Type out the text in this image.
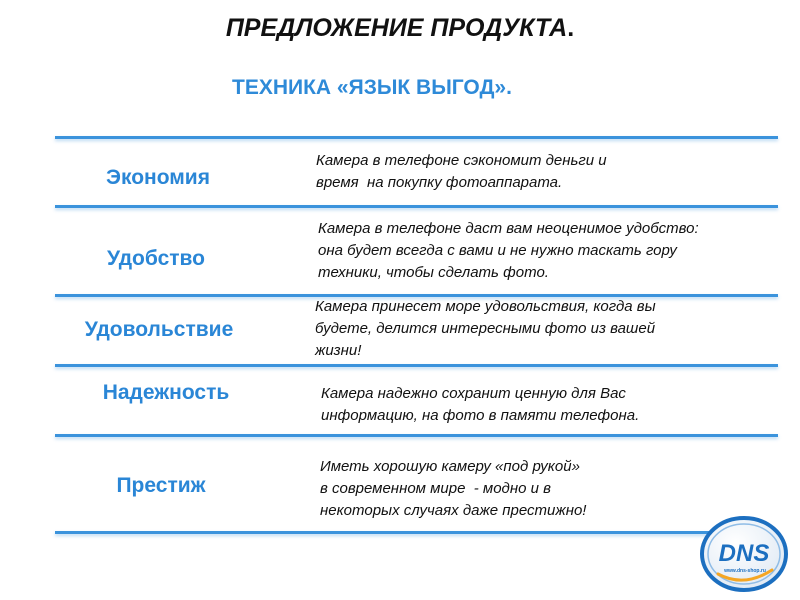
ПРЕДЛОЖЕНИЕ ПРОДУКТА.
ТЕХНИКА «ЯЗЫК ВЫГОД».
Экономия
Камера в телефоне сэкономит деньги и
время  на покупку фотоаппарата.
Удобство
Камера в телефоне даст вам неоценимое удобство:
она будет всегда с вами и не нужно таскать гору
техники, чтобы сделать фото.
Удовольствие
Камера принесет море удовольствия, когда вы
будете, делится интересными фото из вашей
жизни!
Надежность	Камера надежно сохранит ценную для Вас
информацию, на фото в памяти телефона.
Престиж
Иметь хорошую камеру «под рукой»
в современном мире  - модно и в
некоторых случаях даже престижно!
DNS
www.dns-shop.ru
